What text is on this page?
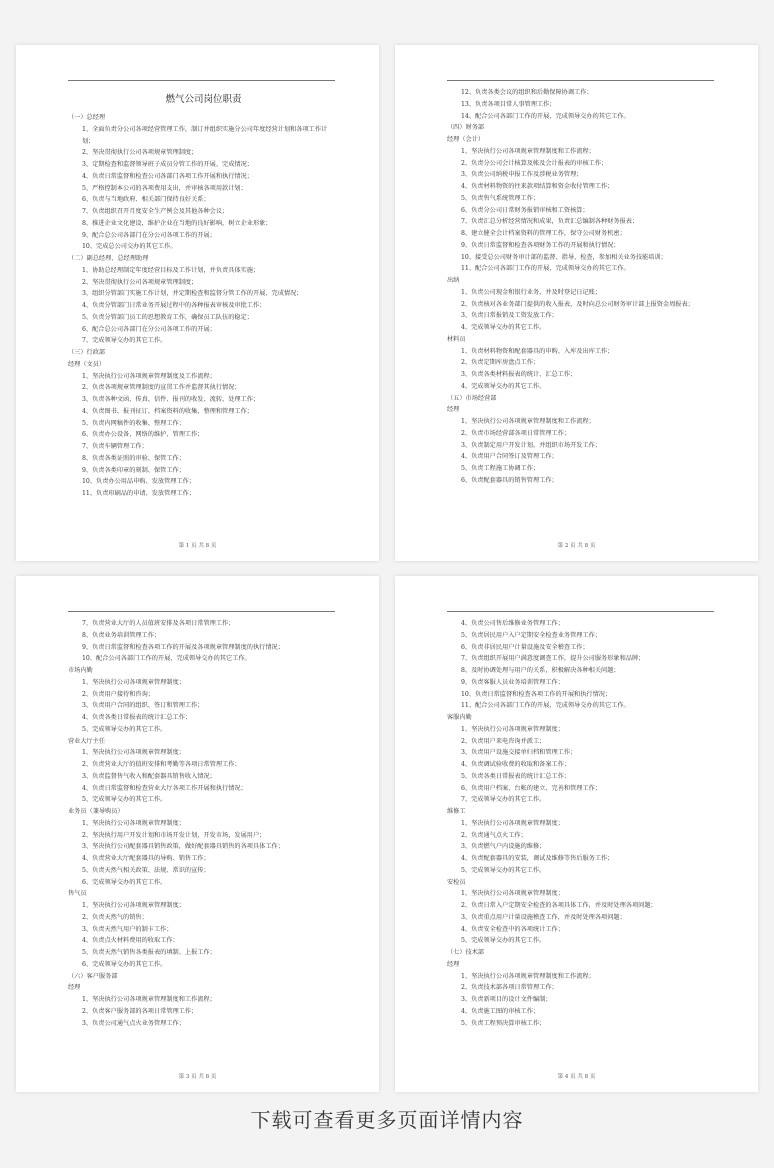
燃气公司岗位职责
（一）总经理
1、全面负责分公司各项经营管理工作，制订并组织实施分公司年度经营计划和各项工作计划；
2、坚决贯彻执行公司各项规章管理制度；
3、定期检查和监督领导班子成员分管工作的开展、完成情况；
4、负责日常监督和检查公司各部门各项工作开展和执行情况；
5、严格控制本公司的各项费用支出，并审核各项用款计划；
6、负责与当地政府、相关部门保持良好关系；
7、负责组织召开月度安全生产例会及其他各种会议；
8、推进企业文化建设，维护企业在当地的良好影响，树立企业形象；
9、配合总公司各部门在分公司各项工作的开展；
10、完成总公司交办的其它工作。
（二）副总经理、总经理助理
1、协助总经理制定年度经营目标及工作计划，并负责具体实施；
2、坚决贯彻执行公司各项规章管理制度；
3、组织分管部门实施工作计划，并定期检查和监督分管工作的开展、完成情况；
4、负责分管部门日常业务开展过程中的各种报表审核及审批工作；
5、负责分管部门员工的思想教育工作，确保员工队伍的稳定；
6、配合总公司各部门在分公司各项工作的开展；
7、完成领导交办的其它工作。
（三）行政部
经理（文员）
1、坚决执行公司各项规章管理制度及工作流程；
2、负责各项规章管理制度的宣贯工作并监督其执行情况；
3、负责各种文函、传真、信件、报刊的收发、流转、处理工作；
4、负责图书、报刊征订、档案资料的收集、整理和管理工作；
5、负责内网稿件的收集、整理工作；
6、负责办公设备、网络的维护、管理工作；
7、负责车辆管理工作；
8、负责各类证照的审验、保管工作；
9、负责各类印章的刻制、保管工作；
10、负责办公用品申购、发放管理工作；
11、负责印刷品的申请、发放管理工作；
第 1 页 共 8 页
12、负责各类会议的组织和后勤保障协调工作；
13、负责各项目常人事管理工作；
14、配合公司各部门工作的开展，完成领导交办的其它工作。
（四）财务部
经理（会计）
1、坚决执行公司各项规章管理制度和工作流程；
2、负责分公司会计核算及帐及会计报表的审核工作；
3、负责公司纳税申报工作及涉税业务管理；
4、负责材料物资的往来款项结算和资金收付管理工作；
5、负责售气系统管理工作；
6、负责分公司日常财务报销审核和工资核算；
7、负责汇总分析经营情况和成果，负责汇总编制各种财务报表；
8、建立健全会计档案资料的管理工作，保守公司财务机密；
9、负责日常监督和检查各项财务工作的开展和执行情况；
10、接受总公司财务审计部的监督、指导、检查，参加相关业务技能培训；
11、配合公司各部门工作的开展，完成领导交办的其它工作。
出纳
1、负责公司现金和银行业务，并及时登记日记账；
2、负责核对各业务部门提供的收入报表，及时向总公司财务审计部上报资金周报表；
3、负责日常报销及工资发放工作；
4、完成领导交办的其它工作。
材料员
1、负责材料物资和配套器具的申购、入库及出库工作；
2、负责定期库房盘点工作；
3、负责各类材料报表的统计、汇总工作；
4、完成领导交办的其它工作。
（五）市场经营部
经理
1、坚决执行公司各项规章管理制度和工作流程；
2、负责市场经营部各项日常管理工作；
3、负责制定用户开发计划，并组织市场开发工作；
4、负责用户合同签订及管理工作；
5、负责工程施工协调工作；
6、负责配套器具的销售管理工作；
第 2 页 共 8 页
7、负责营业大厅的人员值班安排及各项日常管理工作；
8、负责业务培训管理工作；
9、负责日常监督和检查各项工作的开展及各项规章管理制度的执行情况；
10、配合公司各部门工作的开展，完成领导交办的其它工作。
市场内勤
1、坚决执行公司各项规章管理制度；
2、负责用户接待和咨询；
3、负责用户合同的组织、签订和管理工作；
4、负责各类日常报表的统计汇总工作；
5、完成领导交办的其它工作。
营业大厅主任
1、坚决执行公司各项规章管理制度；
2、负责营业大厅的值班安排和考勤等各项日常管理工作；
3、负责监督售气收入和配套器具销售收入情况；
4、负责日常监督和检查营业大厅各项工作开展和执行情况；
5、完成领导交办的其它工作。
业务员（兼导购员）
1、坚决执行公司各项规章管理制度；
2、坚决执行用户开发计划和市场开发计划，开发市场，发展用户；
3、坚决执行公司配套器具销售政策，做好配套器具销售的各项具体工作；
4、负责营业大厅配套器具的导购、销售工作；
5、负责天然气相关政策、法规、常识的宣传；
6、完成领导交办的其它工作。
售气员
1、坚决执行公司各项规章管理制度；
2、负责天然气的销售；
3、负责天然气用户的制卡工作；
4、负责点火材料费用的收取工作；
5、负责天然气销售各类报表的填制、上报工作；
6、完成领导交办的其它工作。
（六）客户服务部
经理
1、坚决执行公司各项规章管理制度和工作流程；
2、负责客户服务部的各项日常管理工作；
3、负责公司通气点火业务管理工作；
第 3 页 共 8 页
4、负责公司售后维修业务管理工作；
5、负责居民用户入户定期安全检查业务管理工作；
6、负责非居民用户计量设施及安全稽查工作；
7、负责组织开展用户满意度调查工作，提升公司服务形象和品牌；
8、及时协调处理与用户的关系，积极解决各种相关问题；
9、负责客服人员业务培训管理工作；
10、负责日常监督和检查各项工作的开展和执行情况；
11、配合公司各部门工作的开展，完成领导交办的其它工作。
客服内勤
1、坚决执行公司各项规章管理制度；
2、负责用户来电咨询并派工；
3、负责用户设施交接单归档和管理工作；
4、负责调试验收费的收取和备案工作；
5、负责各类日常报表的统计汇总工作；
6、负责用户档案、台帐的建立、完善和管理工作；
7、完成领导交办的其它工作。
维修工
1、坚决执行公司各项规章管理制度；
2、负责通气点火工作；
3、负责燃气户内设施的维修；
4、负责配套器具的安装，调试及维修等售后服务工作；
5、完成领导交办的其它工作。
安检员
1、坚决执行公司各项规章管理制度；
2、负责日常入户定期安全检查的各项具体工作，并及时处理各项问题；
3、负责重点用户计量设施稽查工作，并及时处理各项问题；
4、负责安全检查中的各项统计工作；
5、完成领导交办的其它工作。
（七）技术部
经理
1、坚决执行公司各项规章管理制度和工作流程；
2、负责技术部各项日常管理工作；
3、负责新项目的设计文件编制；
4、负责施工图的审核工作；
5、负责工程预决算审核工作；
第 4 页 共 8 页
下载可查看更多页面详情内容
